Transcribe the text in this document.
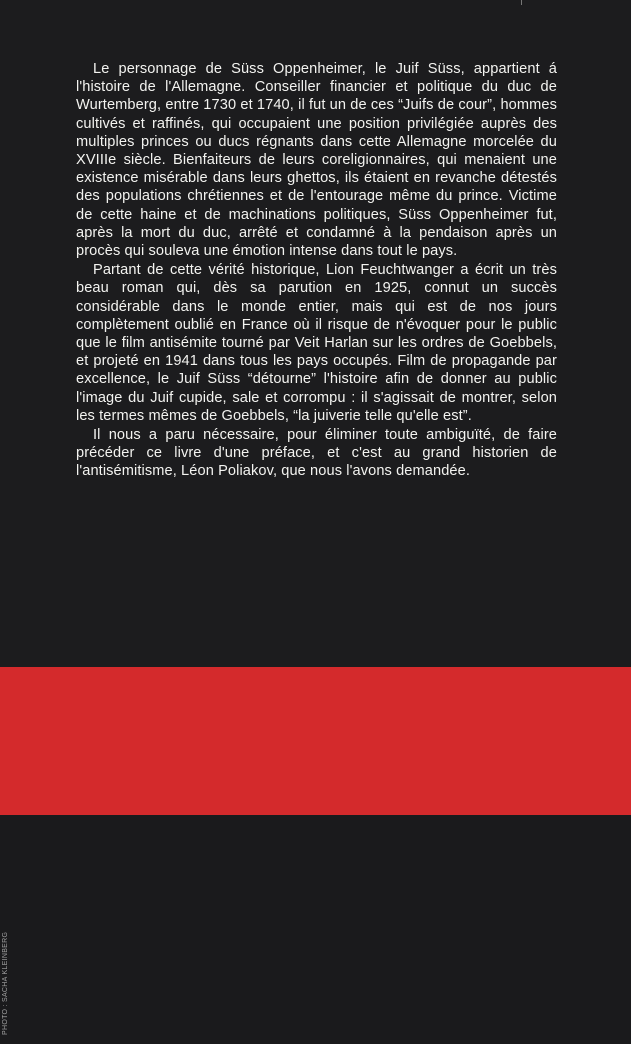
Le personnage de Süss Oppenheimer, le Juif Süss, appartient á l'histoire de l'Allemagne. Conseiller financier et politique du duc de Wurtemberg, entre 1730 et 1740, il fut un de ces “Juifs de cour”, hommes cultivés et raffinés, qui occupaient une position privilégiée auprès des multiples princes ou ducs régnants dans cette Allemagne morcelée du XVIIIe siècle. Bienfaiteurs de leurs coreligionnaires, qui menaient une existence misérable dans leurs ghettos, ils étaient en revanche détestés des populations chrétiennes et de l'entourage même du prince. Victime de cette haine et de machinations politiques, Süss Oppenheimer fut, après la mort du duc, arrêté et condamné à la pendaison après un procès qui souleva une émotion intense dans tout le pays.

Partant de cette vérité historique, Lion Feuchtwanger a écrit un très beau roman qui, dès sa parution en 1925, connut un succès considérable dans le monde entier, mais qui est de nos jours complètement oublié en France où il risque de n'évoquer pour le public que le film antisémite tourné par Veit Harlan sur les ordres de Goebbels, et projeté en 1941 dans tous les pays occupés. Film de propagande par excellence, le Juif Süss “détourne” l'histoire afin de donner au public l'image du Juif cupide, sale et corrompu : il s'agissait de montrer, selon les termes mêmes de Goebbels, “la juiverie telle qu'elle est”.

Il nous a paru nécessaire, pour éliminer toute ambiguïté, de faire précéder ce livre d'une préface, et c'est au grand historien de l'antisémitisme, Léon Poliakov, que nous l'avons demandée.

PHOTO : SACHA KLEINBERG
